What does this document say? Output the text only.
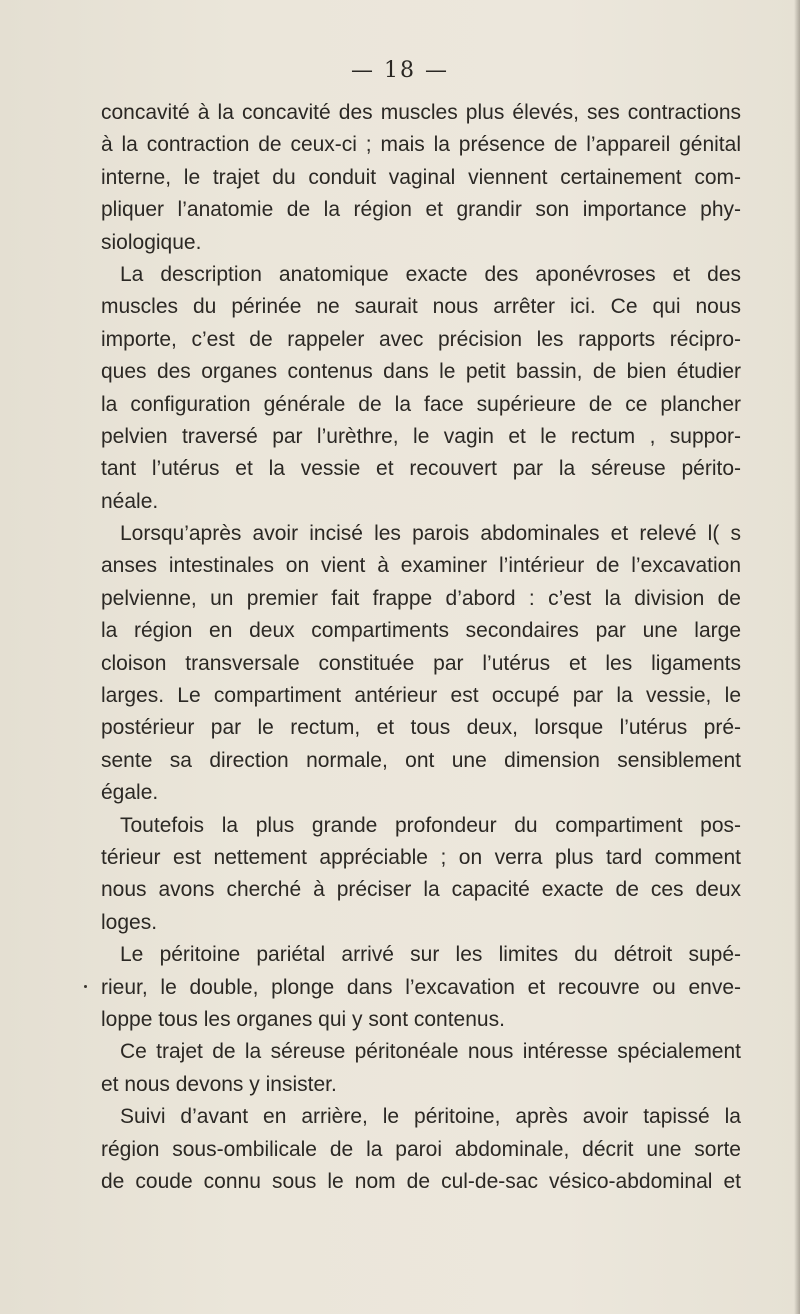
— 18 —
concavité à la concavité des muscles plus élevés, ses contractions
à la contraction de ceux-ci ; mais la présence de l’appareil génital
interne, le trajet du conduit vaginal viennent certainement com-
pliquer l’anatomie de la région et grandir son importance phy-
siologique.
La description anatomique exacte des aponévroses et des
muscles du périnée ne saurait nous arrêter ici. Ce qui nous
importe, c’est de rappeler avec précision les rapports récipro-
ques des organes contenus dans le petit bassin, de bien étudier
la configuration générale de la face supérieure de ce plancher
pelvien traversé par l’urèthre, le vagin et le rectum , suppor-
tant l’utérus et la vessie et recouvert par la séreuse périto-
néale.
Lorsqu’après avoir incisé les parois abdominales et relevé l( s
anses intestinales on vient à examiner l’intérieur de l’excavation
pelvienne, un premier fait frappe d’abord : c’est la division de
la région en deux compartiments secondaires par une large
cloison transversale constituée par l’utérus et les ligaments
larges. Le compartiment antérieur est occupé par la vessie, le
postérieur par le rectum, et tous deux, lorsque l’utérus pré-
sente sa direction normale, ont une dimension sensiblement
égale.
Toutefois la plus grande profondeur du compartiment pos-
térieur est nettement appréciable ; on verra plus tard comment
nous avons cherché à préciser la capacité exacte de ces deux
loges.
Le péritoine pariétal arrivé sur les limites du détroit supé-
rieur, le double, plonge dans l’excavation et recouvre ou enve-
loppe tous les organes qui y sont contenus.
Ce trajet de la séreuse péritonéale nous intéresse spécialement
et nous devons y insister.
Suivi d’avant en arrière, le péritoine, après avoir tapissé la
région sous-ombilicale de la paroi abdominale, décrit une sorte
de coude connu sous le nom de cul-de-sac vésico-abdominal et
